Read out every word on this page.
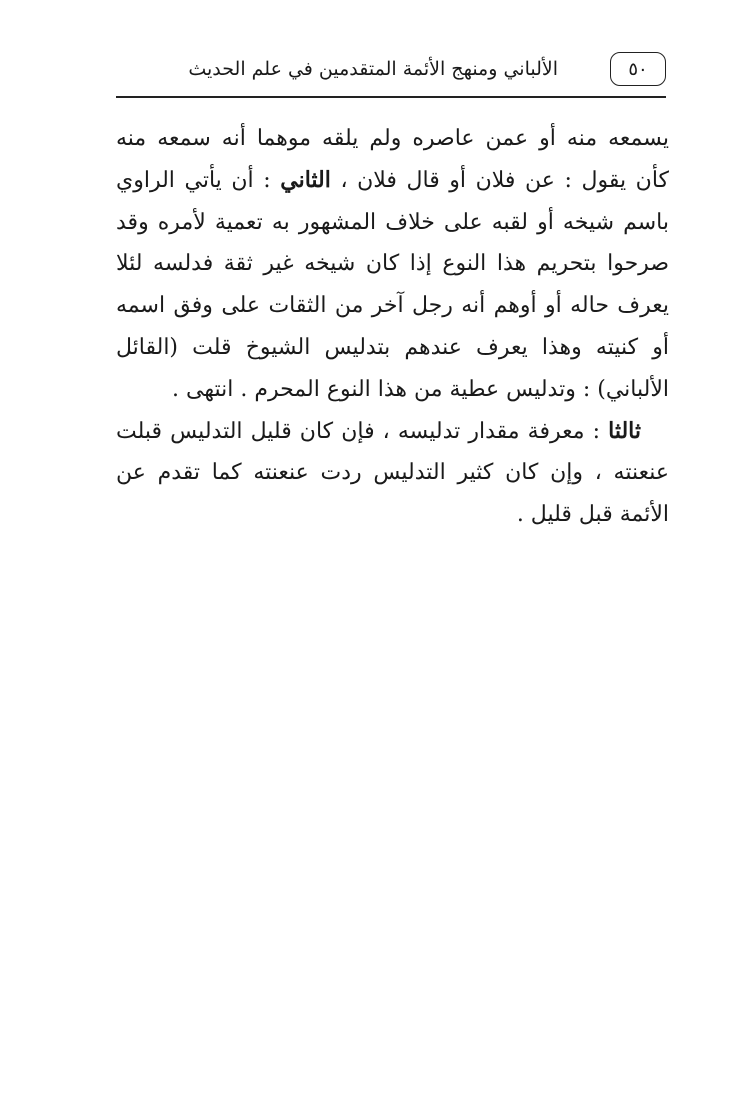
٥٠
الألباني ومنهج الأئمة المتقدمين في علم الحديث

يسمعه منه أو عمن عاصره ولم يلقه موهما أنه سمعه منه كأن يقول : عن فلان أو قال فلان ، الثاني : أن يأتي الراوي باسم شيخه أو لقبه على خلاف المشهور به تعمية لأمره وقد صرحوا بتحريم هذا النوع إذا كان شيخه غير ثقة فدلسه لئلا يعرف حاله أو أوهم أنه رجل آخر من الثقات على وفق اسمه أو كنيته وهذا يعرف عندهم بتدليس الشيوخ قلت (القائل الألباني) : وتدليس عطية من هذا النوع المحرم . انتهى .

ثالثا : معرفة مقدار تدليسه ، فإن كان قليل التدليس قبلت عنعنته ، وإن كان كثير التدليس ردت عنعنته كما تقدم عن الأئمة قبل قليل .
